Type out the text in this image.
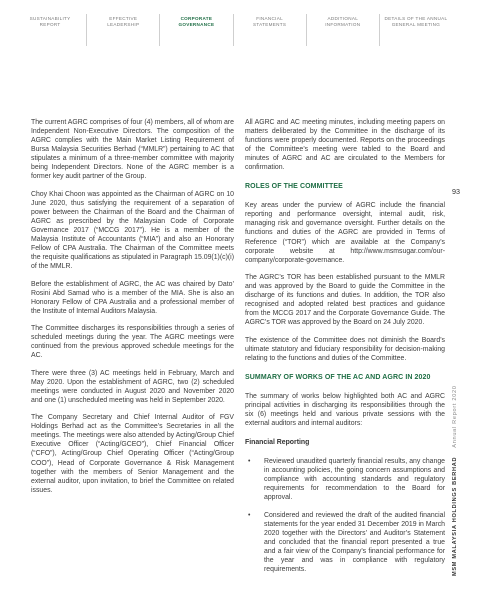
SUSTAINABILITY
REPORT
EFFECTIVE
LEADERSHIP
CORPORATE
GOVERNANCE
FINANCIAL
STATEMENTS
ADDITIONAL
INFORMATION
DETAILS OF THE ANNUAL
GENERAL MEETING

The current AGRC comprises of four (4) members, all of whom are Independent Non-Executive Directors. The composition of the AGRC complies with the Main Market Listing Requirement of Bursa Malaysia Securities Berhad (“MMLR”) pertaining to AC that stipulates a minimum of a three-member committee with majority being Independent Directors. None of the AGRC member is a former key audit partner of the Group.

Choy Khai Choon was appointed as the Chairman of AGRC on 10 June 2020, thus satisfying the requirement of a separation of power between the Chairman of the Board and the Chairman of AGRC as prescribed by the Malaysian Code of Corporate Governance 2017 (“MCCG 2017”). He is a member of the Malaysia Institute of Accountants (“MIA”) and also an Honorary Fellow of CPA Australia. The Chairman of the Committee meets the requisite qualifications as stipulated in Paragraph 15.09(1)(c)(i) of the MMLR.

Before the establishment of AGRC, the AC was chaired by Dato’ Rosini Abd Samad who is a member of the MIA. She is also an Honorary Fellow of CPA Australia and a professional member of the Institute of Internal Auditors Malaysia.

The Committee discharges its responsibilities through a series of scheduled meetings during the year. The AGRC meetings were continued from the previous approved schedule meetings for the AC.

There were three (3) AC meetings held in February, March and May 2020. Upon the establishment of AGRC, two (2) scheduled meetings were conducted in August 2020 and November 2020 and one (1) unscheduled meeting was held in September 2020.

The Company Secretary and Chief Internal Auditor of FGV Holdings Berhad act as the Committee’s Secretaries in all the meetings. The meetings were also attended by Acting/Group Chief Executive Officer (“Acting/GCEO”), Chief Financial Officer (“CFO”), Acting/Group Chief Operating Officer (“Acting/Group COO”), Head of Corporate Governance & Risk Management together with the members of Senior Management and the external auditor, upon invitation, to brief the Committee on related issues.

All AGRC and AC meeting minutes, including meeting papers on matters deliberated by the Committee in the discharge of its functions were properly documented. Reports on the proceedings of the Committee’s meeting were tabled to the Board and minutes of AGRC and AC are circulated to the Members for confirmation.

ROLES OF THE COMMITTEE

Key areas under the purview of AGRC include the financial reporting and performance oversight, internal audit, risk, managing risk and governance oversight. Further details on the functions and duties of the AGRC are provided in Terms of Reference (“TOR”) which are available at the Company’s corporate website at http://www.msmsugar.com/our-company/corporate-governance.

The AGRC’s TOR has been established pursuant to the MMLR and was approved by the Board to guide the Committee in the discharge of its functions and duties. In addition, the TOR also recognised and adopted related best practices and guidance from the MCCG 2017 and the Corporate Governance Guide. The AGRC’s TOR was approved by the Board on 24 July 2020.

The existence of the Committee does not diminish the Board’s ultimate statutory and fiduciary responsibility for decision-making relating to the functions and duties of the Committee.

SUMMARY OF WORKS OF THE AC AND AGRC IN 2020

The summary of works below highlighted both AC and AGRC principal activities in discharging its responsibilities through the six (6) meetings held and various private sessions with the external auditors and internal auditors:

Financial Reporting
• Reviewed unaudited quarterly financial results, any change in accounting policies, the going concern assumptions and compliance with accounting standards and regulatory requirements for recommendation to the Board for approval.
• Considered and reviewed the draft of the audited financial statements for the year ended 31 December 2019 in March 2020 together with the Directors’ and Auditor’s Statement and concluded that the financial report presented a true and a fair view of the Company’s financial performance for the year and was in compliance with regulatory requirements.
93
MSM MALAYSIA HOLDINGS BERHAD    Annual Report 2020
